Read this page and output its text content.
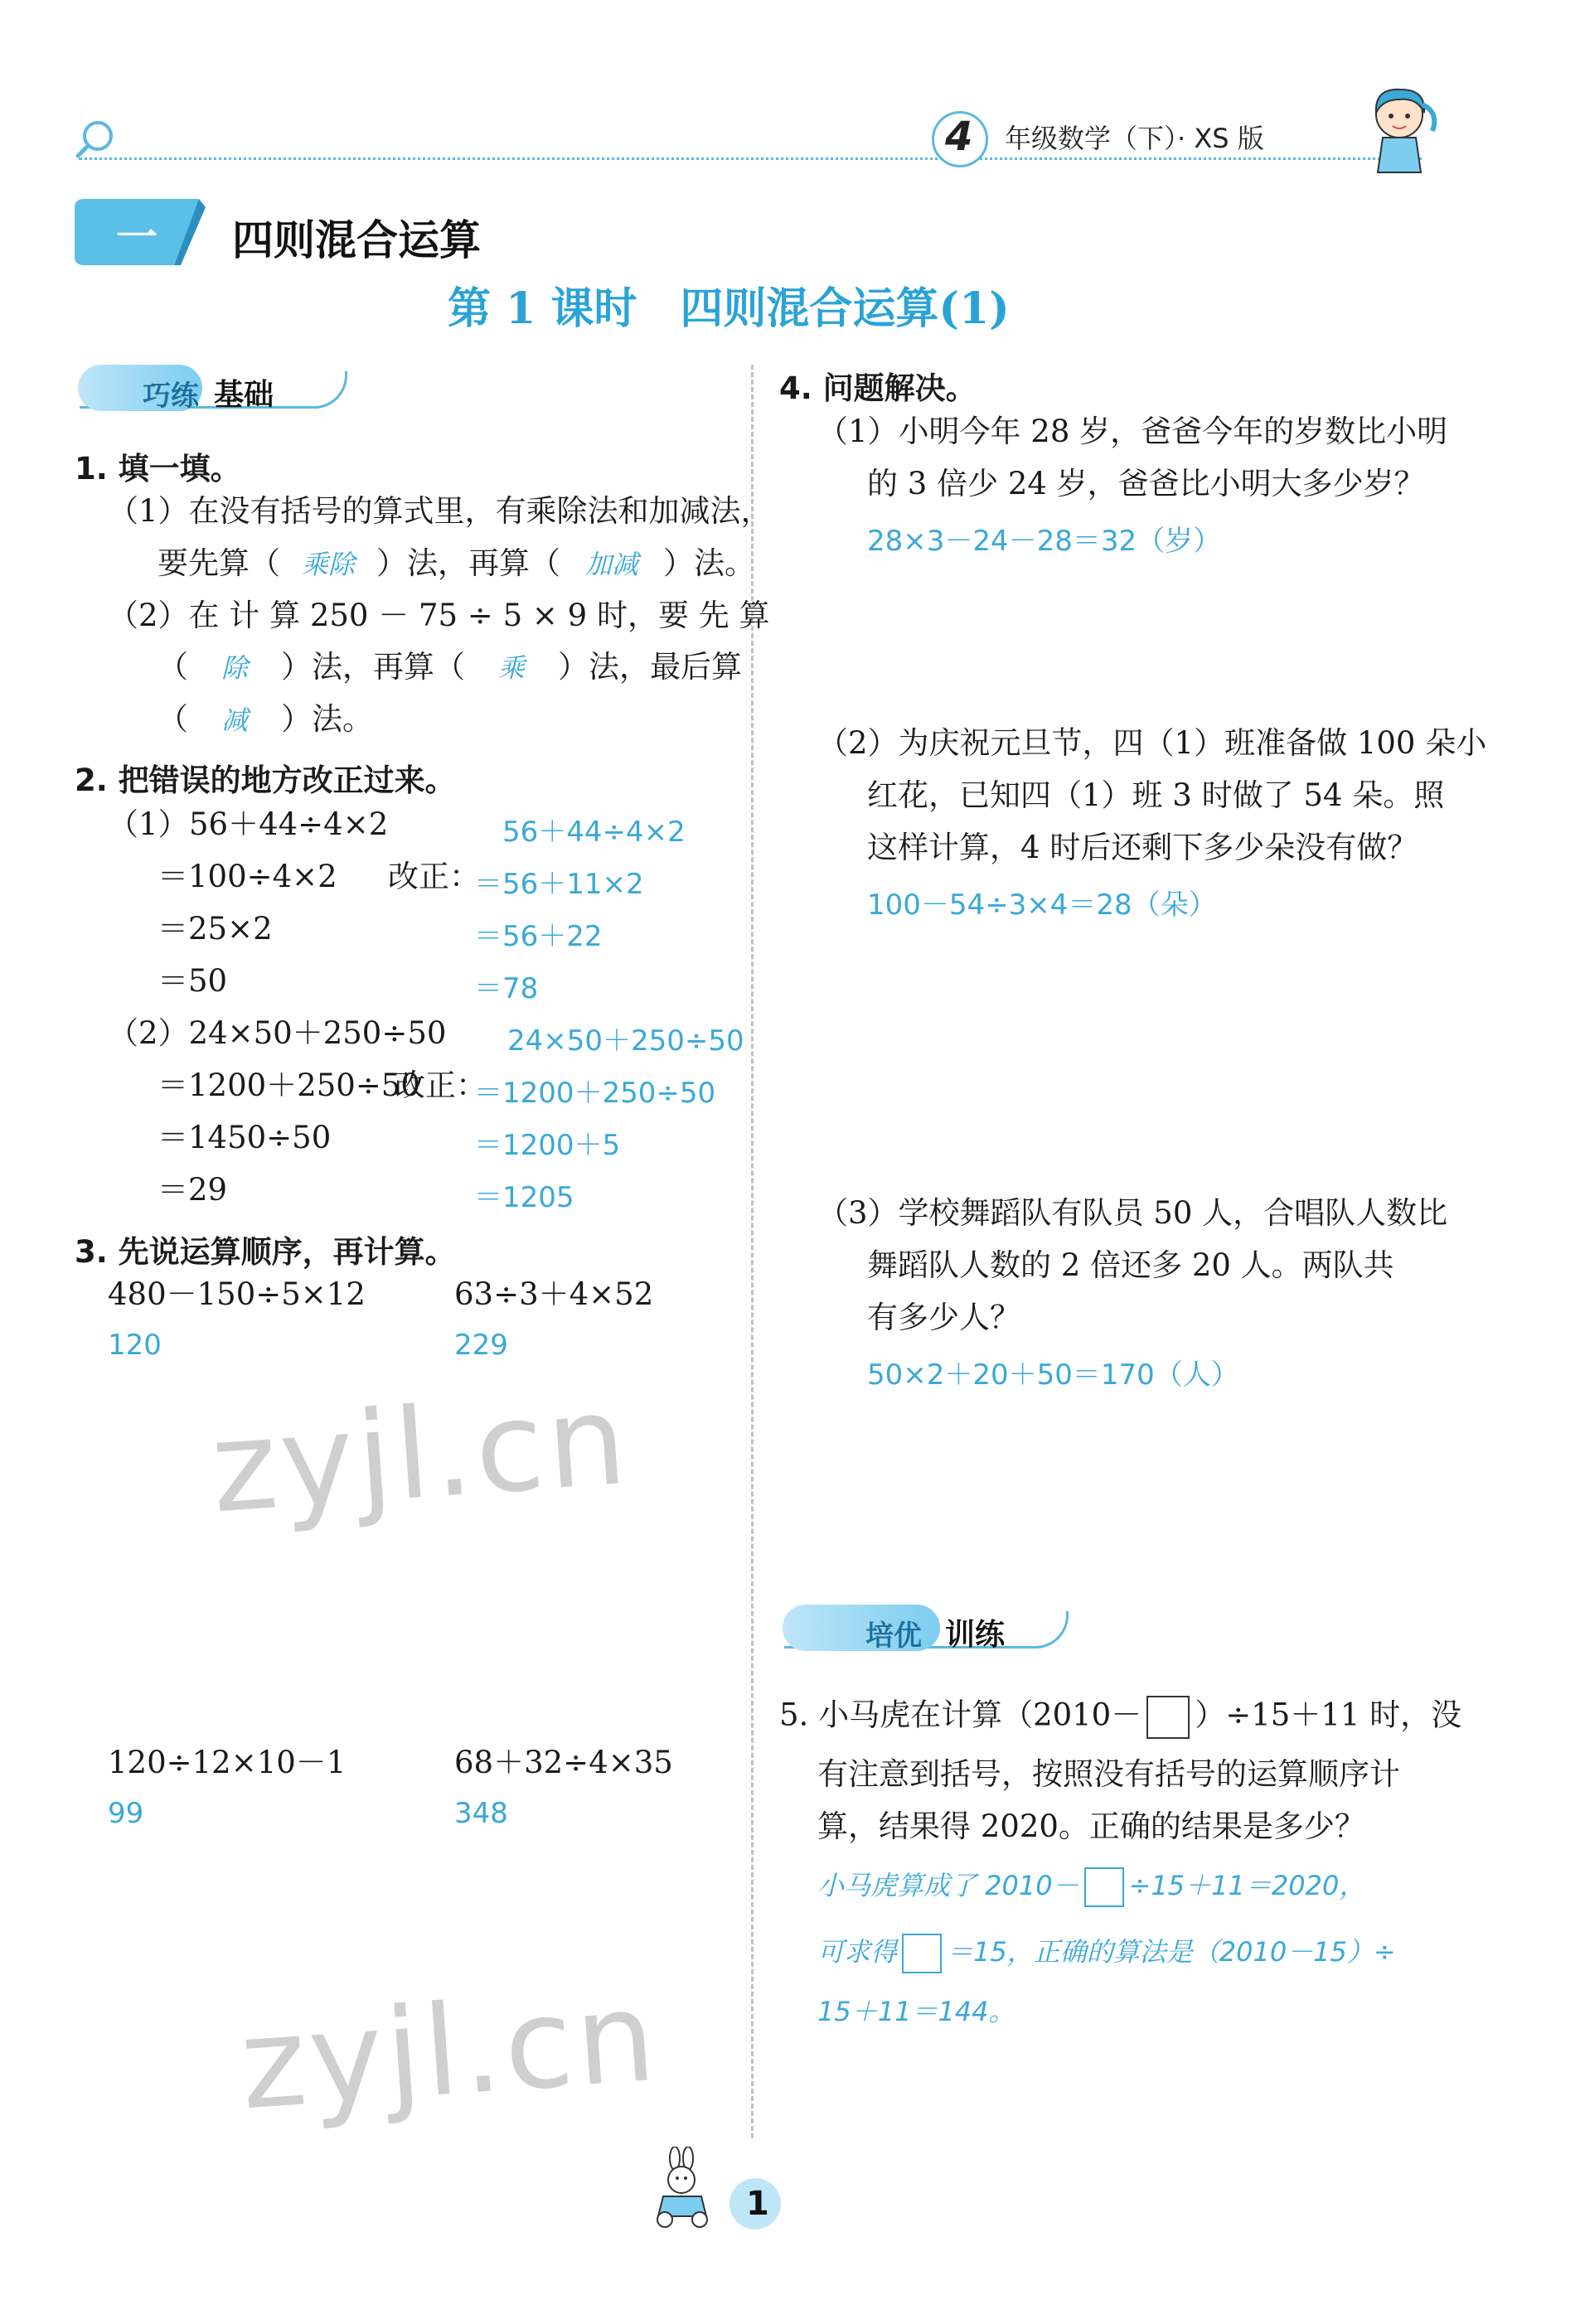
4 年级数学（下）· XS 版
一 四则混合运算
第 1 课时　四则混合运算(1)
巧练 基础
1. 填一填。
（1）在没有括号的算式里，有乘除法和加减法，
要先算（ 乘除 ）法，再算（ 加减 ）法。
（2）在 计 算 250 － 75 ÷ 5 × 9 时，要 先 算
（ 除 ）法，再算（ 乘 ）法，最后算
（ 减 ）法。
2. 把错误的地方改正过来。
（1） 56＋44÷4×2
＝100÷4×2
＝25×2
＝50
改正：
56＋44÷4×2
＝56＋11×2
＝56＋22
＝78
（2）24×50＋250÷50
＝1200＋250÷50
＝1450÷50
＝29
改正：
24×50＋250÷50
＝1200＋250÷50
＝1200＋5
＝1205
3. 先说运算顺序，再计算。
480－150÷5×12
120
63÷3＋4×52
229
zyjl.cn
120÷12×10－1
99
68＋32÷4×35
348
zyjl.cn
4. 问题解决。
（1）小明今年 28 岁，爸爸今年的岁数比小明
的 3 倍少 24 岁，爸爸比小明大多少岁？
28×3－24－28＝32（岁）
（2）为庆祝元旦节，四（1）班准备做 100 朵小
红花，已知四（1）班 3 时做了 54 朵。照
这样计算，4 时后还剩下多少朵没有做？
100－54÷3×4＝28（朵）
（3）学校舞蹈队有队员 50 人，合唱队人数比
舞蹈队人数的 2 倍还多 20 人。两队共
有多少人？
50×2＋20＋50＝170（人）
培优 训练
5. 小马虎在计算（2010－ ）÷15＋11 时，没
有注意到括号，按照没有括号的运算顺序计
算，结果得 2020。正确的结果是多少？
小马虎算成了 2010－ ÷15＋11＝2020，
可求得 ＝15，正确的算法是（2010－15）÷
15＋11＝144。
1
